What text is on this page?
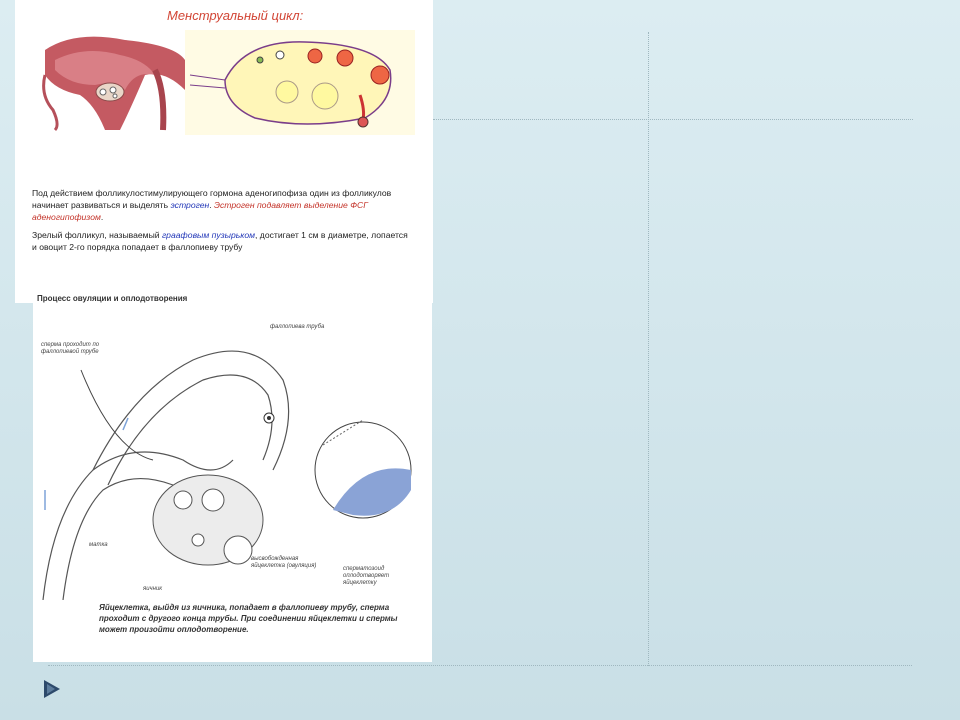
Менструальный цикл:
Под действием фолликулостимулирующего гормона аденогипофиза один из фолликулов начинает развиваться и выделять эстроген. Эстроген подавляет выделение ФСГ аденогипофизом.
Зрелый фолликул, называемый граафовым пузырьком, достигает 1 см в диаметре, лопается и овоцит 2-го порядка попадает в фаллопиеву трубу
Процесс овуляции и оплодотворения
фаллопиева труба
сперма проходит по фаллопиевой трубе
матка
яичник
высвобожденная яйцеклетка (овуляция)	сперматозоид оплодотворяет яйцеклетку
Яйцеклетка, выйдя из яичника, попадает в фаллопиеву трубу, сперма проходит с другого конца трубы. При соединении яйцеклетки и спермы может произойти оплодотворение.
